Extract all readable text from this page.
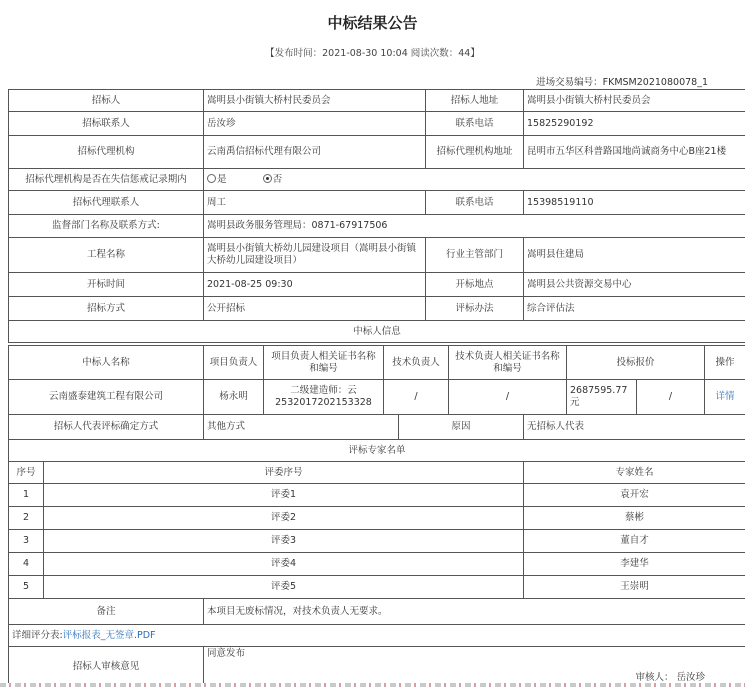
中标结果公告
【发布时间：2021-08-30 10:04 阅读次数：44】
进场交易编号：FKMSM2021080078_1
招标人	嵩明县小街镇大桥村民委员会	招标人地址	嵩明县小街镇大桥村民委员会
招标联系人	岳汝珍	联系电话	15825290192
招标代理机构	云南禹信招标代理有限公司	招标代理机构地址	昆明市五华区科普路国地尚诚商务中心B座21楼
招标代理机构是否在失信惩戒记录期内	是 否		
招标代理联系人	周工	联系电话	15398519110
监督部门名称及联系方式:	嵩明县政务服务管理局：0871-67917506		
工程名称	嵩明县小街镇大桥幼儿园建设项目（嵩明县小街镇大桥幼儿园建设项目）	行业主管部门	嵩明县住建局
开标时间	2021-08-25 09:30	开标地点	嵩明县公共资源交易中心
招标方式	公开招标	评标办法	综合评估法
中标人信息			
中标人名称	项目负责人	项目负责人相关证书名称和编号	技术负责人	技术负责人相关证书名称和编号	投标报价		操作
云南盛泰建筑工程有限公司	杨永明	二级建造师：云2532017202153328	/	/	2687595.77元	/	详情
招标人代表评标确定方式		其他方式	原因	无招标人代表
评标专家名单				
序号	评委序号			专家姓名
1	评委1			袁开宏
2	评委2			蔡彬
3	评委3			董自才
4	评委4			李建华
5	评委5			王崇明
备注		本项目无废标情况，对技术负责人无要求。		
详细评分表:评标报表_无签章.PDF				
招标人审核意见		同意发布
审核人： 岳汝珍		
